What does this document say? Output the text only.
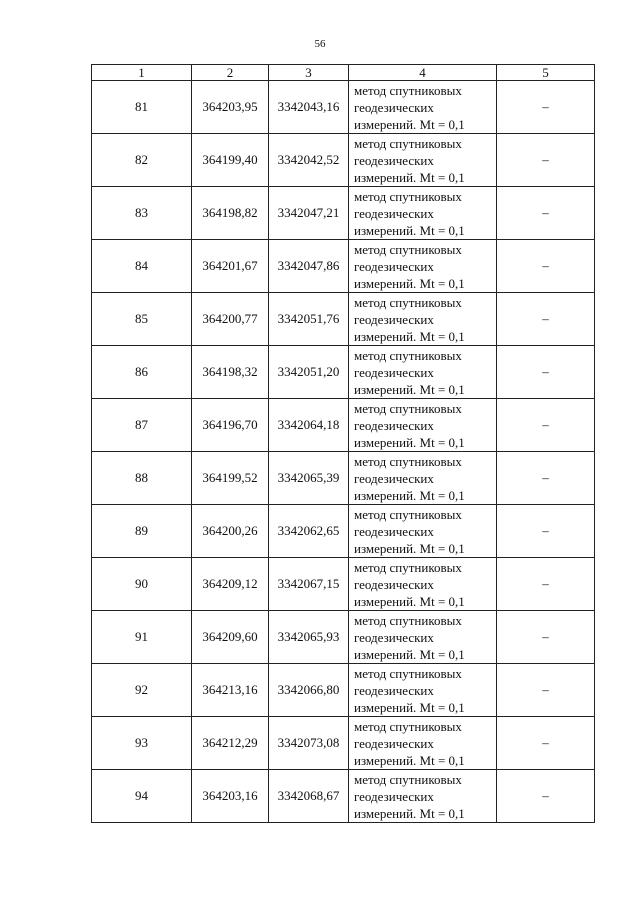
56
1	2	3	4	5
81	364203,95	3342043,16	метод спутниковых
геодезических
измерений. Mt = 0,1	–
82	364199,40	3342042,52	метод спутниковых
геодезических
измерений. Mt = 0,1	–
83	364198,82	3342047,21	метод спутниковых
геодезических
измерений. Mt = 0,1	–
84	364201,67	3342047,86	метод спутниковых
геодезических
измерений. Mt = 0,1	–
85	364200,77	3342051,76	метод спутниковых
геодезических
измерений. Mt = 0,1	–
86	364198,32	3342051,20	метод спутниковых
геодезических
измерений. Mt = 0,1	–
87	364196,70	3342064,18	метод спутниковых
геодезических
измерений. Mt = 0,1	–
88	364199,52	3342065,39	метод спутниковых
геодезических
измерений. Mt = 0,1	–
89	364200,26	3342062,65	метод спутниковых
геодезических
измерений. Mt = 0,1	–
90	364209,12	3342067,15	метод спутниковых
геодезических
измерений. Mt = 0,1	–
91	364209,60	3342065,93	метод спутниковых
геодезических
измерений. Mt = 0,1	–
92	364213,16	3342066,80	метод спутниковых
геодезических
измерений. Mt = 0,1	–
93	364212,29	3342073,08	метод спутниковых
геодезических
измерений. Mt = 0,1	–
94	364203,16	3342068,67	метод спутниковых
геодезических
измерений. Mt = 0,1	–
